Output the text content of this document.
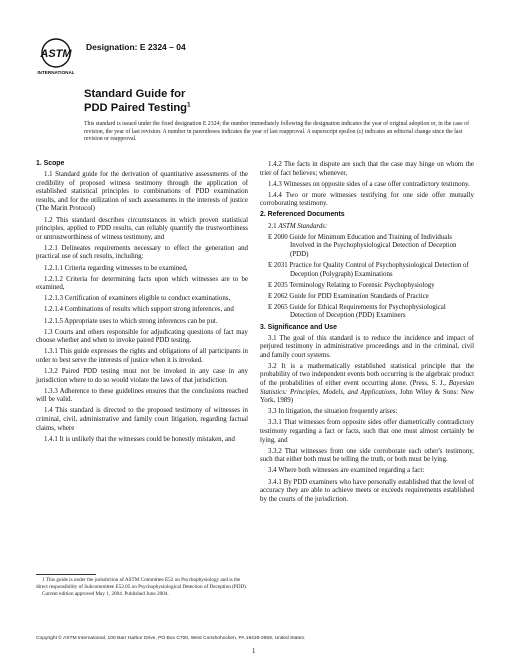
ASTM
INTERNATIONAL
Designation: E 2324 – 04
Standard Guide for
PDD Paired Testing$^1$
This standard is issued under the fixed designation E 2324; the number immediately following the designation indicates the year of original adoption or, in the case of revision, the year of last revision. A number in parentheses indicates the year of last reapproval. A superscript epsilon (ε) indicates an editorial change since the last revision or reapproval.

1. Scope

1.1 Standard guide for the derivation of quantitative assessments of the credibility of proposed witness testimony through the application of established statistical principles to combinations of PDD examination results, and for the utilization of such assessments in the interests of justice (The Marin Protocol)

1.2 This standard describes circumstances in which proven statistical principles, applied to PDD results, can reliably quantify the trustworthiness or untrustworthiness of witness testimony, and

1.2.1 Delineates requirements necessary to effect the generation and practical use of such results, including:

1.2.1.1 Criteria regarding witnesses to be examined,

1.2.1.2 Criteria for determining facts upon which witnesses are to be examined,

1.2.1.3 Certification of examiners eligible to conduct examinations,

1.2.1.4 Combinations of results which support strong inferences, and

1.2.1.5 Appropriate uses to which strong inferences can be put.

1.3 Courts and others responsible for adjudicating questions of fact may choose whether and when to invoke paired PDD testing.

1.3.1 This guide expresses the rights and obligations of all participants in order to best serve the interests of justice when it is invoked.

1.3.2 Paired PDD testing must not be invoked in any case in any jurisdiction where to do so would violate the laws of that jurisdiction.

1.3.3 Adherence to these guidelines ensures that the conclusions reached will be valid.

1.4 This standard is directed to the proposed testimony of witnesses in criminal, civil, administrative and family court litigation, regarding factual claims, where

1.4.1 It is unlikely that the witnesses could be honestly mistaken, and

1.4.2 The facts in dispute are such that the case may hinge on whom the trier of fact believes; whenever,

1.4.3 Witnesses on opposite sides of a case offer contradictory testimony.

1.4.4 Two or more witnesses testifying for one side offer mutually corroborating testimony.

2. Referenced Documents

2.1 ASTM Standards:

E 2000 Guide for Minimum Education and Training of Individuals Involved in the Psychophysiological Detection of Deception (PDD)

E 2031 Practice for Quality Control of Psychophysiological Detection of Deception (Polygraph) Examinations

E 2035 Terminology Relating to Forensic Psychophysiology

E 2062 Guide for PDD Examination Standards of Practice

E 2065 Guide for Ethical Requirements for Psychophysiological Detection of Deception (PDD) Examiners

3. Significance and Use

3.1 The goal of this standard is to reduce the incidence and impact of perjured testimony in administrative proceedings and in the criminal, civil and family court systems.

3.2 It is a mathematically established statistical principle that the probability of two independent events both occurring is the algebraic product of the probabilities of either event occurring alone. (Press, S. J., Bayesian Statistics: Principles, Models, and Applications, John Wiley & Sons: New York, 1989)

3.3 In litigation, the situation frequently arises:

3.3.1 That witnesses from opposite sides offer diametrically contradictory testimony regarding a fact or facts, such that one must almost certainly be lying, and

3.3.2 That witnesses from one side corroborate each other's testimony, such that either both must be telling the truth, or both must be lying.

3.4 Where both witnesses are examined regarding a fact:

3.4.1 By PDD examiners who have personally established that the level of accuracy they are able to achieve meets or exceeds requirements established by the courts of the jurisdiction.

1 This guide is under the jurisdiction of ASTM Committee E52 on Psychophysiology and is the direct responsibility of Subcommittee E52.05 on Psychophysiological Detection of Deception (PDD).

Current edition approved May 1, 2004. Published June 2004.

Copyright © ASTM International, 100 Barr Harbor Drive, PO Box C700, West Conshohocken, PA 19428-2959, United States.
1
